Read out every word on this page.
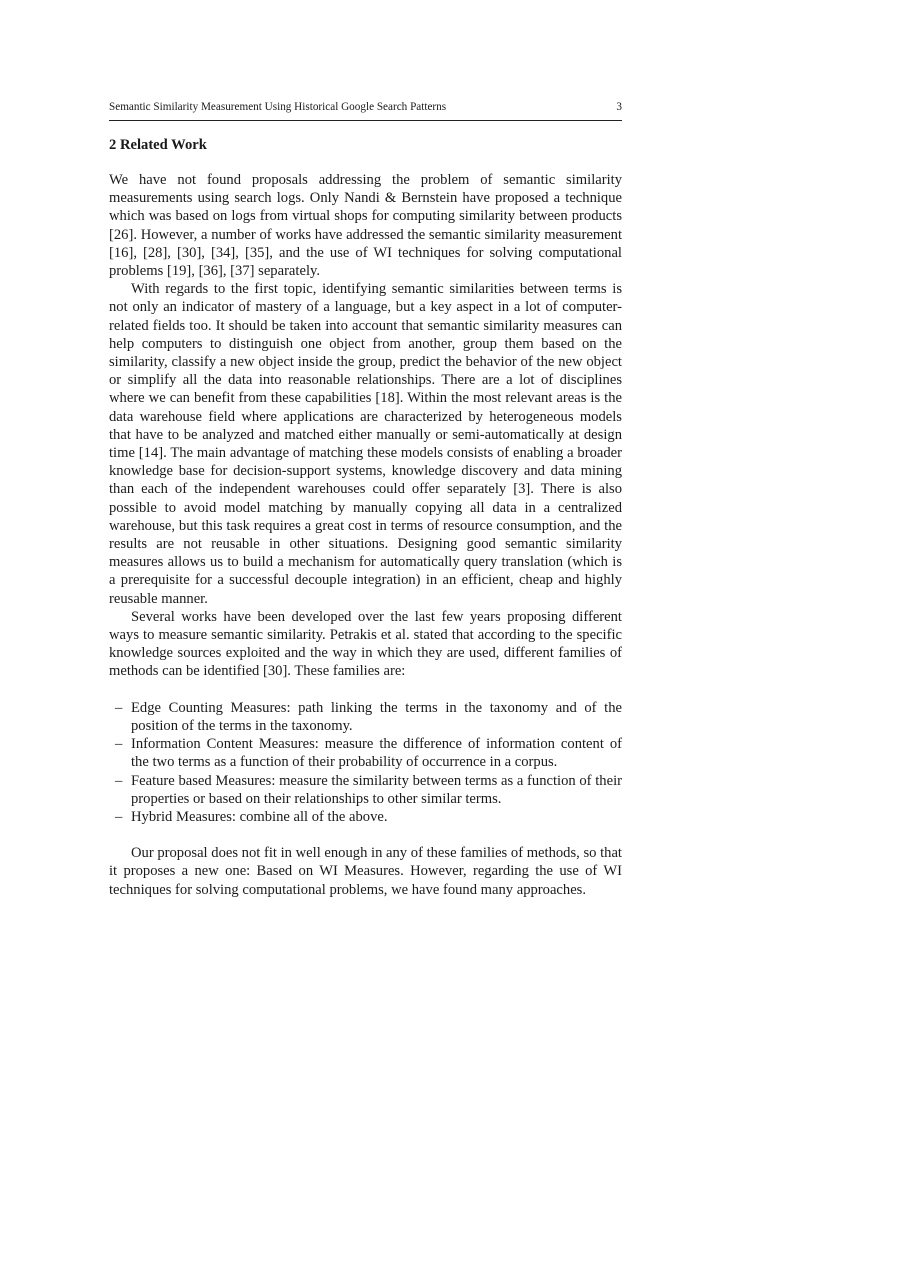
Semantic Similarity Measurement Using Historical Google Search Patterns	3
2 Related Work

We have not found proposals addressing the problem of semantic similarity measurements using search logs. Only Nandi & Bernstein have proposed a technique which was based on logs from virtual shops for computing similarity between products [26]. However, a number of works have addressed the semantic similarity measurement [16], [28], [30], [34], [35], and the use of WI techniques for solving computational problems [19], [36], [37] separately.

With regards to the first topic, identifying semantic similarities between terms is not only an indicator of mastery of a language, but a key aspect in a lot of computer-related fields too. It should be taken into account that semantic similarity measures can help computers to distinguish one object from another, group them based on the similarity, classify a new object inside the group, predict the behavior of the new object or simplify all the data into reasonable relationships. There are a lot of disciplines where we can benefit from these capabilities [18]. Within the most relevant areas is the data warehouse field where applications are characterized by heterogeneous models that have to be analyzed and matched either manually or semi-automatically at design time [14]. The main advantage of matching these models consists of enabling a broader knowledge base for decision-support systems, knowledge discovery and data mining than each of the independent warehouses could offer separately [3]. There is also possible to avoid model matching by manually copying all data in a centralized warehouse, but this task requires a great cost in terms of resource consumption, and the results are not reusable in other situations. Designing good semantic similarity measures allows us to build a mechanism for automatically query translation (which is a prerequisite for a successful decouple integration) in an efficient, cheap and highly reusable manner.

Several works have been developed over the last few years proposing different ways to measure semantic similarity. Petrakis et al. stated that according to the specific knowledge sources exploited and the way in which they are used, different families of methods can be identified [30]. These families are:

– Edge Counting Measures: path linking the terms in the taxonomy and of the position of the terms in the taxonomy.
– Information Content Measures: measure the difference of information content of the two terms as a function of their probability of occurrence in a corpus.
– Feature based Measures: measure the similarity between terms as a function of their properties or based on their relationships to other similar terms.
– Hybrid Measures: combine all of the above.

Our proposal does not fit in well enough in any of these families of methods, so that it proposes a new one: Based on WI Measures. However, regarding the use of WI techniques for solving computational problems, we have found many approaches.
